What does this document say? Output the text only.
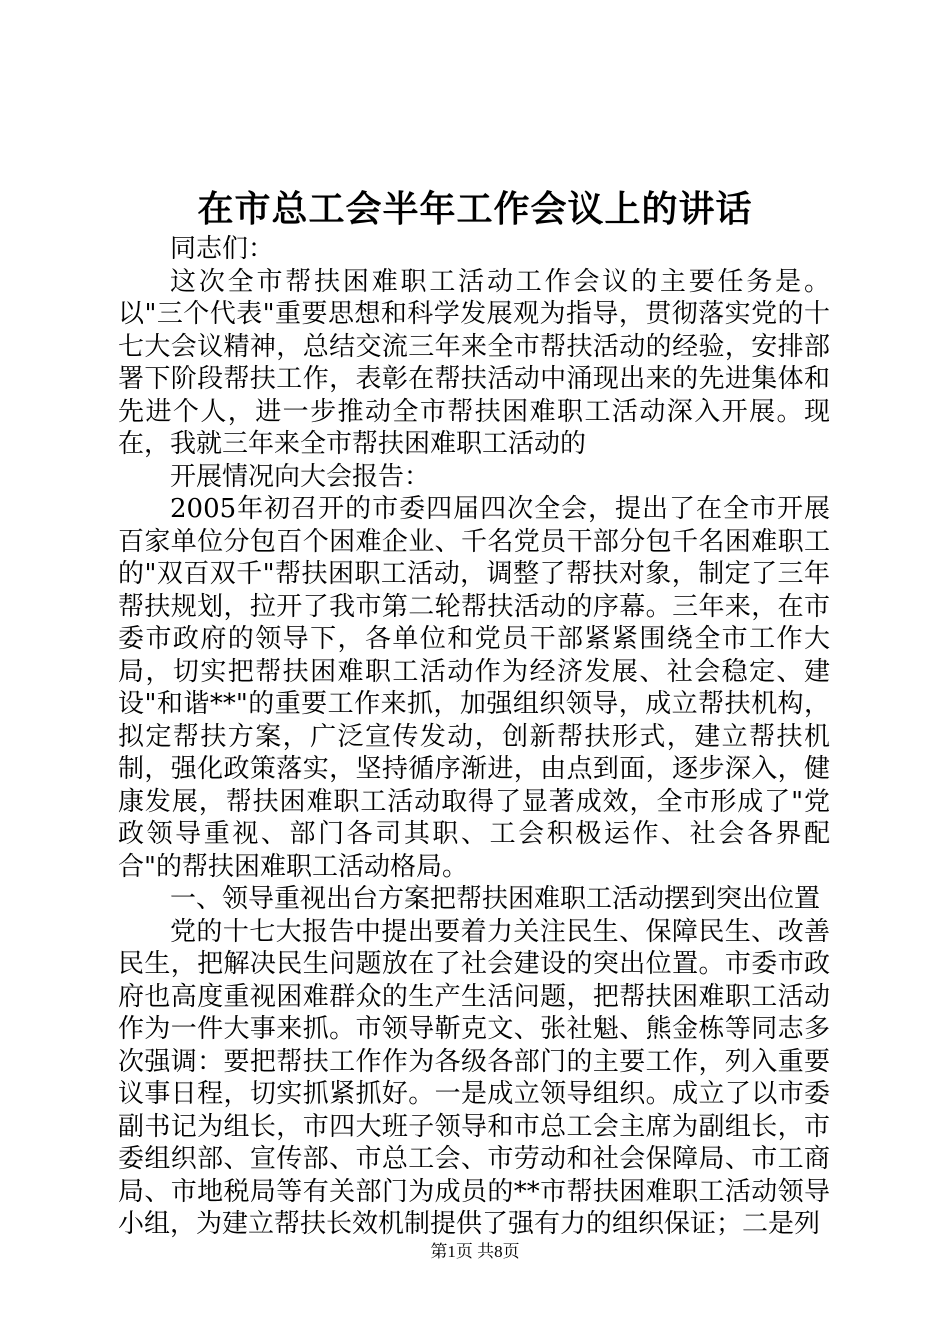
在市总工会半年工作会议上的讲话

同志们：

这次全市帮扶困难职工活动工作会议的主要任务是。以"三个代表"重要思想和科学发展观为指导，贯彻落实党的十七大会议精神，总结交流三年来全市帮扶活动的经验，安排部署下阶段帮扶工作，表彰在帮扶活动中涌现出来的先进集体和先进个人，进一步推动全市帮扶困难职工活动深入开展。现在，我就三年来全市帮扶困难职工活动的

开展情况向大会报告：

2005年初召开的市委四届四次全会，提出了在全市开展百家单位分包百个困难企业、千名党员干部分包千名困难职工的"双百双千"帮扶困职工活动，调整了帮扶对象，制定了三年帮扶规划，拉开了我市第二轮帮扶活动的序幕。三年来，在市委市政府的领导下，各单位和党员干部紧紧围绕全市工作大局，切实把帮扶困难职工活动作为经济发展、社会稳定、建设"和谐**"的重要工作来抓，加强组织领导，成立帮扶机构，拟定帮扶方案，广泛宣传发动，创新帮扶形式，建立帮扶机制，强化政策落实，坚持循序渐进，由点到面，逐步深入，健康发展，帮扶困难职工活动取得了显著成效，全市形成了"党政领导重视、部门各司其职、工会积极运作、社会各界配合"的帮扶困难职工活动格局。

一、领导重视出台方案把帮扶困难职工活动摆到突出位置

党的十七大报告中提出要着力关注民生、保障民生、改善民生，把解决民生问题放在了社会建设的突出位置。市委市政府也高度重视困难群众的生产生活问题，把帮扶困难职工活动作为一件大事来抓。市领导靳克文、张社魁、熊金栋等同志多次强调：要把帮扶工作作为各级各部门的主要工作，列入重要议事日程，切实抓紧抓好。一是成立领导组织。成立了以市委副书记为组长，市四大班子领导和市总工会主席为副组长，市委组织部、宣传部、市总工会、市劳动和社会保障局、市工商局、市地税局等有关部门为成员的**市帮扶困难职工活动领导小组，为建立帮扶长效机制提供了强有力的组织保证；二是列

第1页 共8页
